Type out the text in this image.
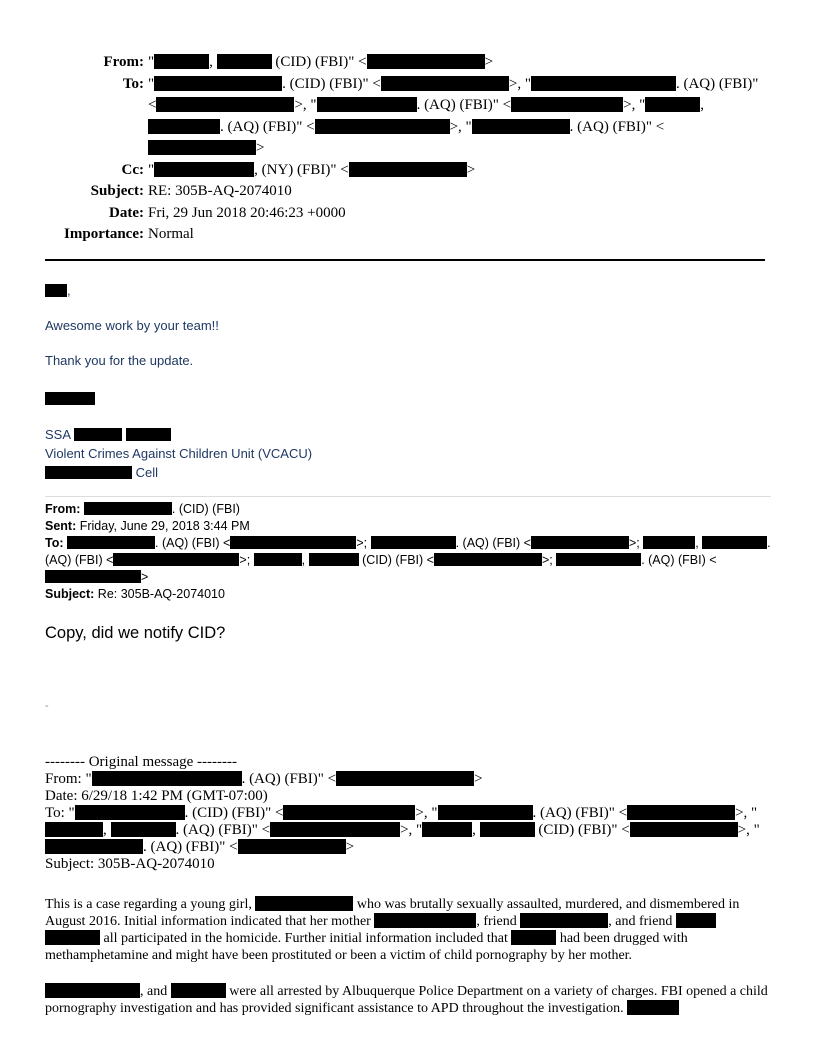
From: "	,	(CID) (FBI)" <	>
To: "	. (CID) (FBI)" <	>, "	. (AQ) (FBI)" <	>, "	. (AQ) (FBI)" <	>, "	, . (AQ) (FBI)" <	>, "	. (AQ) (FBI)" <>
Cc: "	, (NY) (FBI)" <	>
Subject: RE: 305B-AQ-2074010
Date: Fri, 29 Jun 2018 20:46:23 +0000
Importance: Normal
,
Awesome work by your team!!
Thank you for the update.
SSA
Violent Crimes Against Children Unit (VCACU)
Cell
From:	. (CID) (FBI)
Sent: Friday, June 29, 2018 3:44 PM
To:	. (AQ) (FBI) <	>;	. (AQ) (FBI) <	>;	,	. (AQ) (FBI) <	>;	,	(CID) (FBI) <	>;	. (AQ) (FBI) <>
Subject: Re: 305B-AQ-2074010
Copy, did we notify CID?
-
-------- Original message --------
From: "	. (AQ) (FBI)" <	>
Date: 6/29/18 1:42 PM (GMT-07:00)
To: "	. (CID) (FBI)" <	>, "	. (AQ) (FBI)" <	>, ",	. (AQ) (FBI)" <	>, "	,	(CID) (FBI)" <	>, ". (AQ) (FBI)" <	>
Subject: 305B-AQ-2074010
This is a case regarding a young girl,	who was brutally sexually assaulted, murdered, and dismembered in August 2016. Initial information indicated that her mother	, friend	, and friend   all participated in the homicide. Further initial information included that	had been drugged with methamphetamine and might have been prostituted or been a victim of child pornography by her mother.
, and	were all arrested by Albuquerque Police Department on a variety of charges. FBI opened a child pornography investigation and has provided significant assistance to APD throughout the investigation.
